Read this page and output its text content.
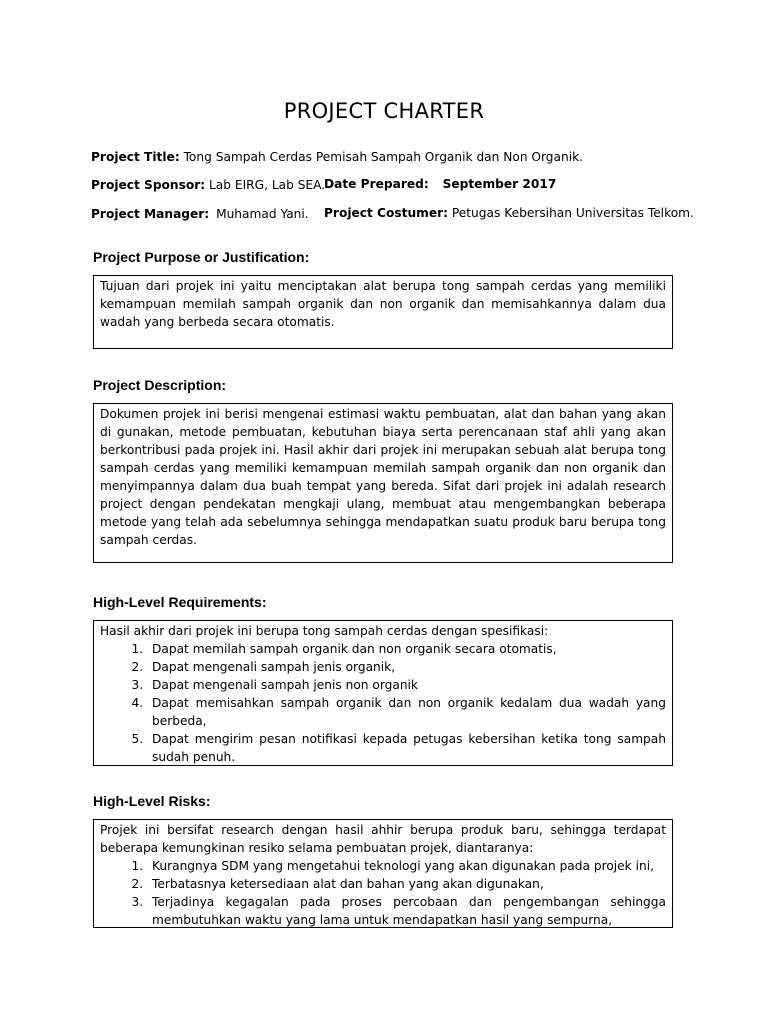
PROJECT CHARTER
Project Title: Tong Sampah Cerdas Pemisah Sampah Organik dan Non Organik.
Project Sponsor: Lab EIRG, Lab SEA.
Date Prepared: September 2017
Project Manager: Muhamad Yani. Project Costumer: Petugas Kebersihan Universitas Telkom.
Project Purpose or Justification:

Tujuan dari projek ini yaitu menciptakan alat berupa tong sampah cerdas yang memiliki kemampuan memilah sampah organik dan non organik dan memisahkannya dalam dua wadah yang berbeda secara otomatis.

Project Description:

Dokumen projek ini berisi mengenai estimasi waktu pembuatan, alat dan bahan yang akan di gunakan, metode pembuatan, kebutuhan biaya serta perencanaan staf ahli yang akan berkontribusi pada projek ini. Hasil akhir dari projek ini merupakan sebuah alat berupa tong sampah cerdas yang memiliki kemampuan memilah sampah organik dan non organik dan menyimpannya dalam dua buah tempat yang bereda. Sifat dari projek ini adalah research project dengan pendekatan mengkaji ulang, membuat atau mengembangkan beberapa metode yang telah ada sebelumnya sehingga mendapatkan suatu produk baru berupa tong sampah cerdas.

High-Level Requirements:

Hasil akhir dari projek ini berupa tong sampah cerdas dengan spesifikasi:

1. Dapat memilah sampah organik dan non organik secara otomatis,
2. Dapat mengenali sampah jenis organik,
3. Dapat mengenali sampah jenis non organik
4. Dapat memisahkan sampah organik dan non organik kedalam dua wadah yang berbeda,
5. Dapat mengirim pesan notifikasi kepada petugas kebersihan ketika tong sampah sudah penuh.
High-Level Risks:

Projek ini bersifat research dengan hasil ahhir berupa produk baru, sehingga terdapat beberapa kemungkinan resiko selama pembuatan projek, diantaranya:

1. Kurangnya SDM yang mengetahui teknologi yang akan digunakan pada projek ini,
2. Terbatasnya ketersediaan alat dan bahan yang akan digunakan,
3. Terjadinya kegagalan pada proses percobaan dan pengembangan sehingga membutuhkan waktu yang lama untuk mendapatkan hasil yang sempurna,
